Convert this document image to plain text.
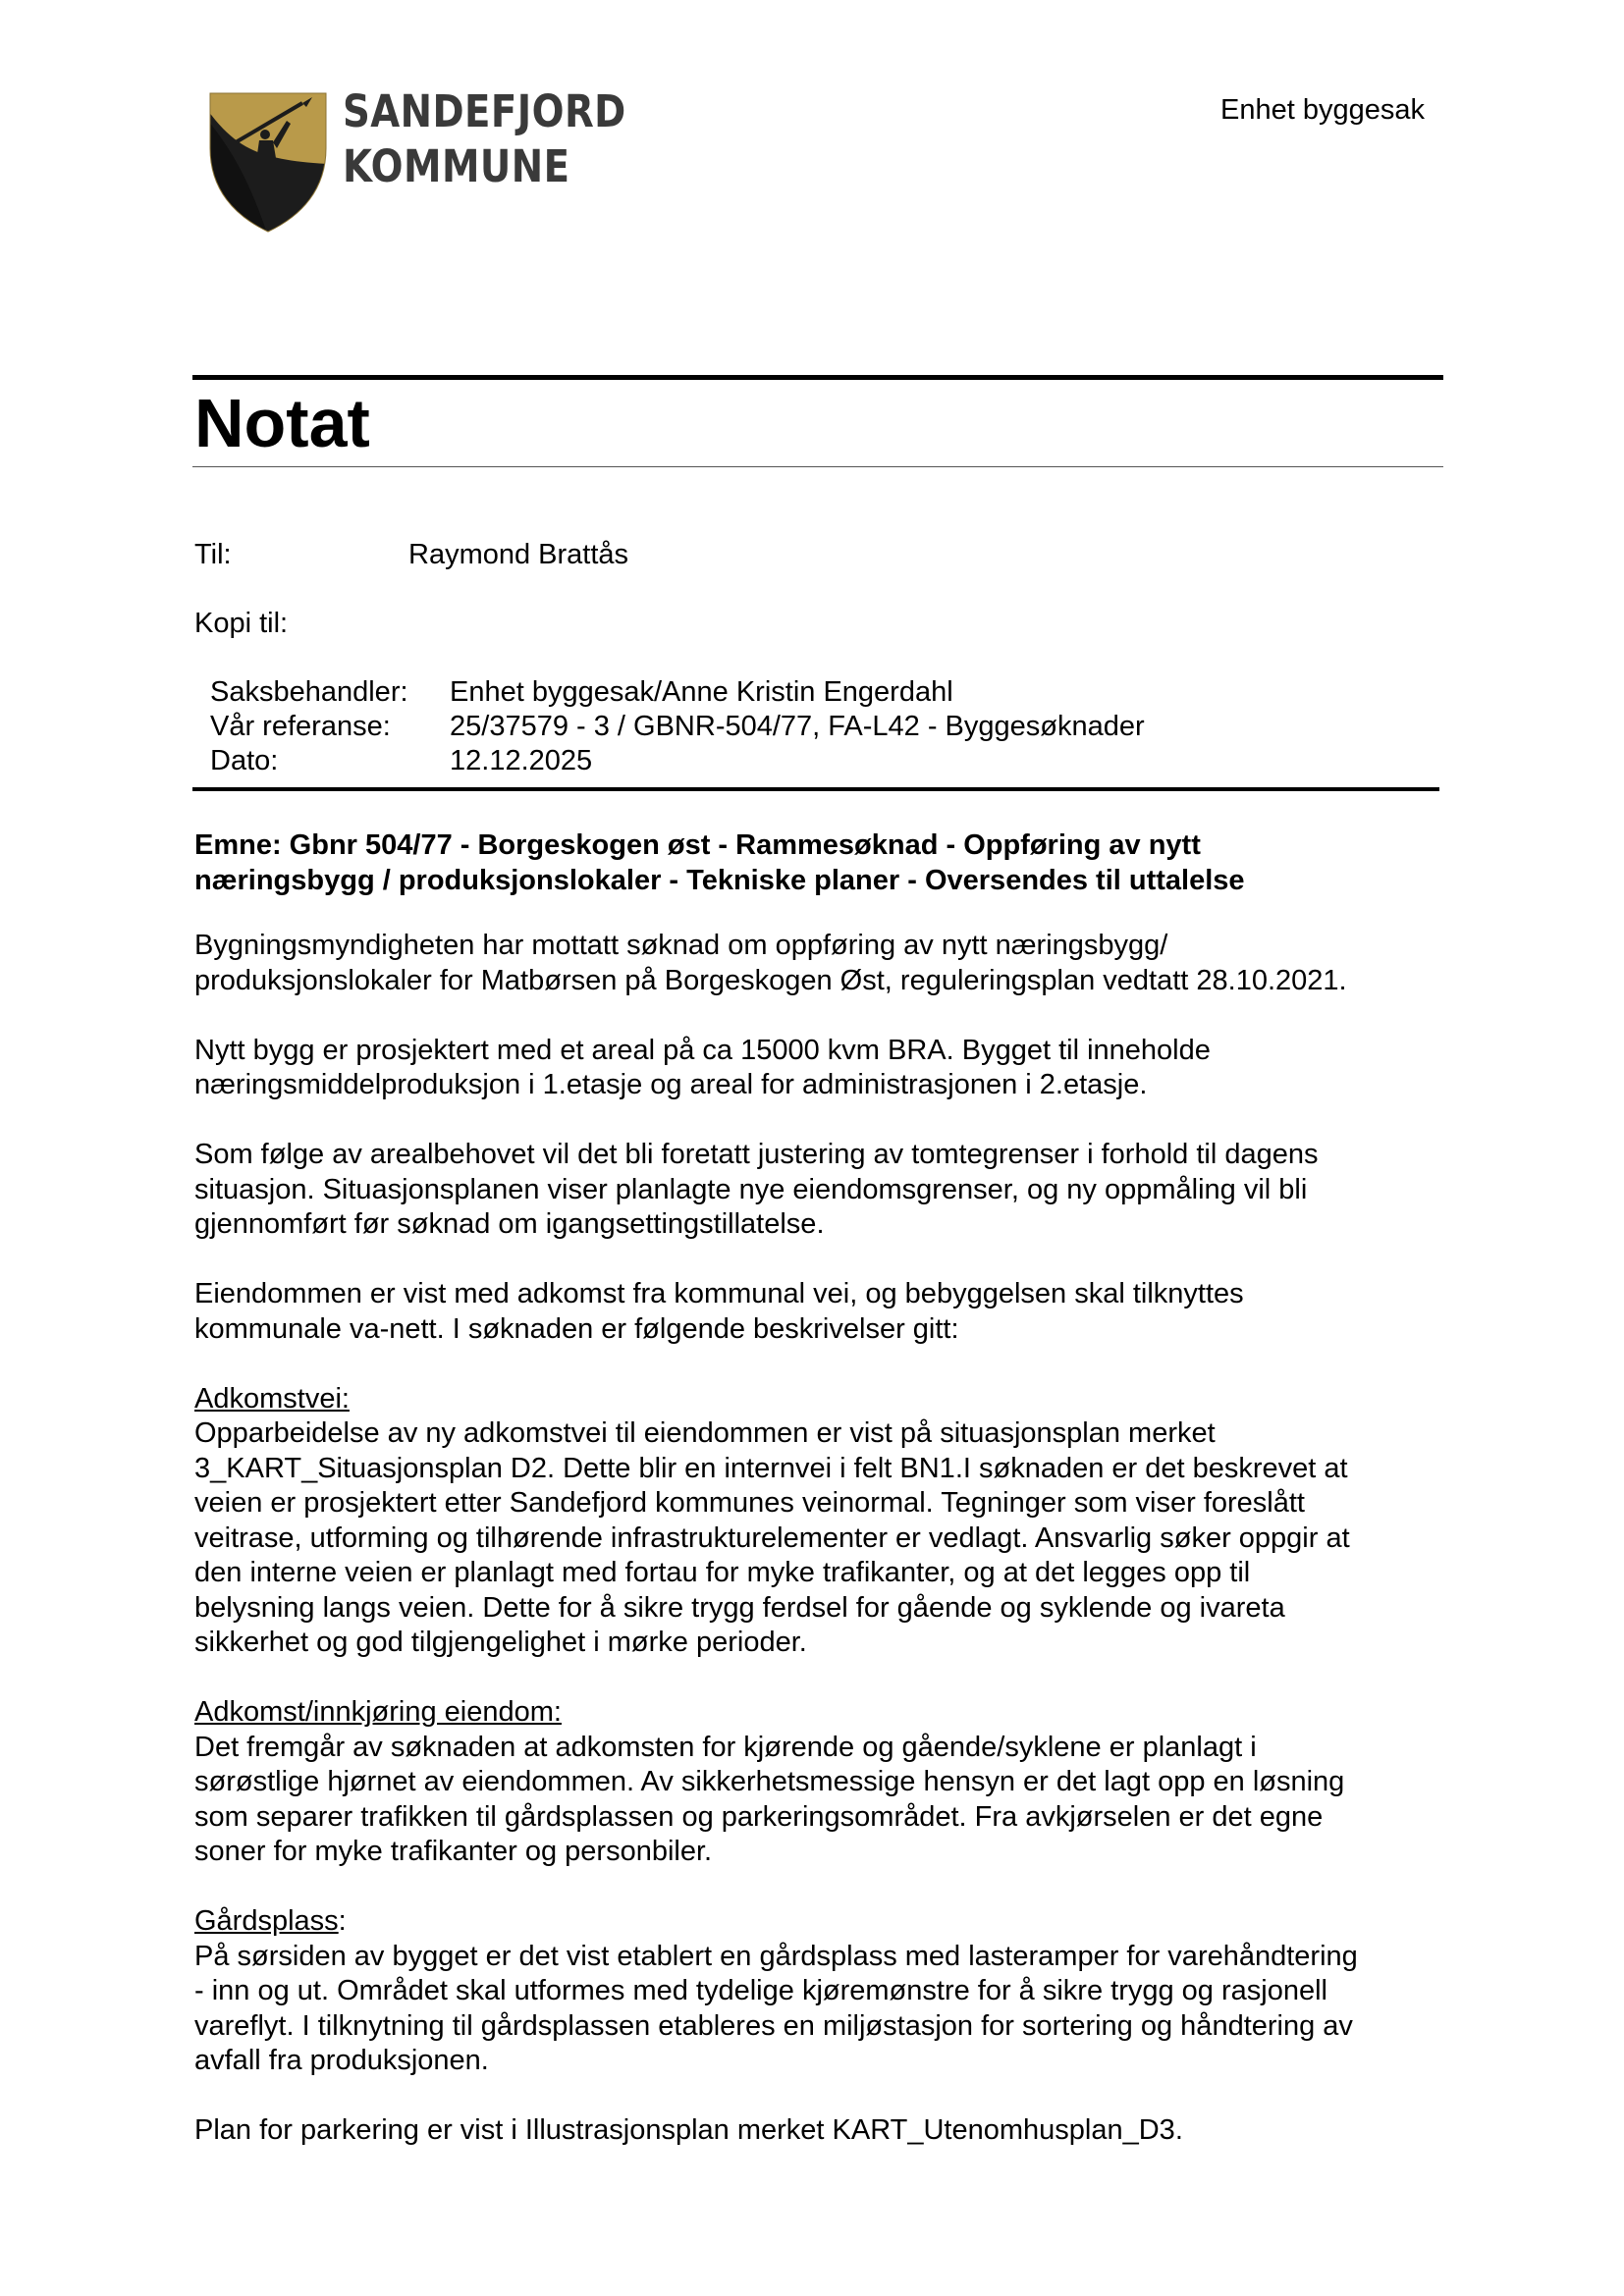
SANDEFJORD
KOMMUNE
Enhet byggesak
Notat
Til:	Raymond Brattås
Kopi til:
Saksbehandler:	Enhet byggesak/Anne Kristin Engerdahl
Vår referanse:	25/37579 - 3 / GBNR-504/77, FA-L42 - Byggesøknader
Dato:	12.12.2025
Emne: Gbnr 504/77 - Borgeskogen øst - Rammesøknad - Oppføring av nytt
næringsbygg / produksjonslokaler - Tekniske planer - Oversendes til uttalelse

Bygningsmyndigheten har mottatt søknad om oppføring av nytt næringsbygg/
produksjonslokaler for Matbørsen på Borgeskogen Øst, reguleringsplan vedtatt 28.10.2021.

Nytt bygg er prosjektert med et areal på ca 15000 kvm BRA. Bygget til inneholde
næringsmiddelproduksjon i 1.etasje og areal for administrasjonen i 2.etasje.

Som følge av arealbehovet vil det bli foretatt justering av tomtegrenser i forhold til dagens
situasjon. Situasjonsplanen viser planlagte nye eiendomsgrenser, og ny oppmåling vil bli
gjennomført før søknad om igangsettingstillatelse.

Eiendommen er vist med adkomst fra kommunal vei, og bebyggelsen skal tilknyttes
kommunale va-nett. I søknaden er følgende beskrivelser gitt:

Adkomstvei:
Opparbeidelse av ny adkomstvei til eiendommen er vist på situasjonsplan merket
3_KART_Situasjonsplan D2. Dette blir en internvei i felt BN1.I søknaden er det beskrevet at
veien er prosjektert etter Sandefjord kommunes veinormal. Tegninger som viser foreslått
veitrase, utforming og tilhørende infrastrukturelementer er vedlagt. Ansvarlig søker oppgir at
den interne veien er planlagt med fortau for myke trafikanter, og at det legges opp til
belysning langs veien. Dette for å sikre trygg ferdsel for gående og syklende og ivareta
sikkerhet og god tilgjengelighet i mørke perioder.

Adkomst/innkjøring eiendom:
Det fremgår av søknaden at adkomsten for kjørende og gående/syklene er planlagt i
sørøstlige hjørnet av eiendommen. Av sikkerhetsmessige hensyn er det lagt opp en løsning
som separer trafikken til gårdsplassen og parkeringsområdet. Fra avkjørselen er det egne
soner for myke trafikanter og personbiler.

Gårdsplass:
På sørsiden av bygget er det vist etablert en gårdsplass med lasteramper for varehåndtering
- inn og ut. Området skal utformes med tydelige kjøremønstre for å sikre trygg og rasjonell
vareflyt. I tilknytning til gårdsplassen etableres en miljøstasjon for sortering og håndtering av
avfall fra produksjonen.

Plan for parkering er vist i Illustrasjonsplan merket KART_Utenomhusplan_D3.
